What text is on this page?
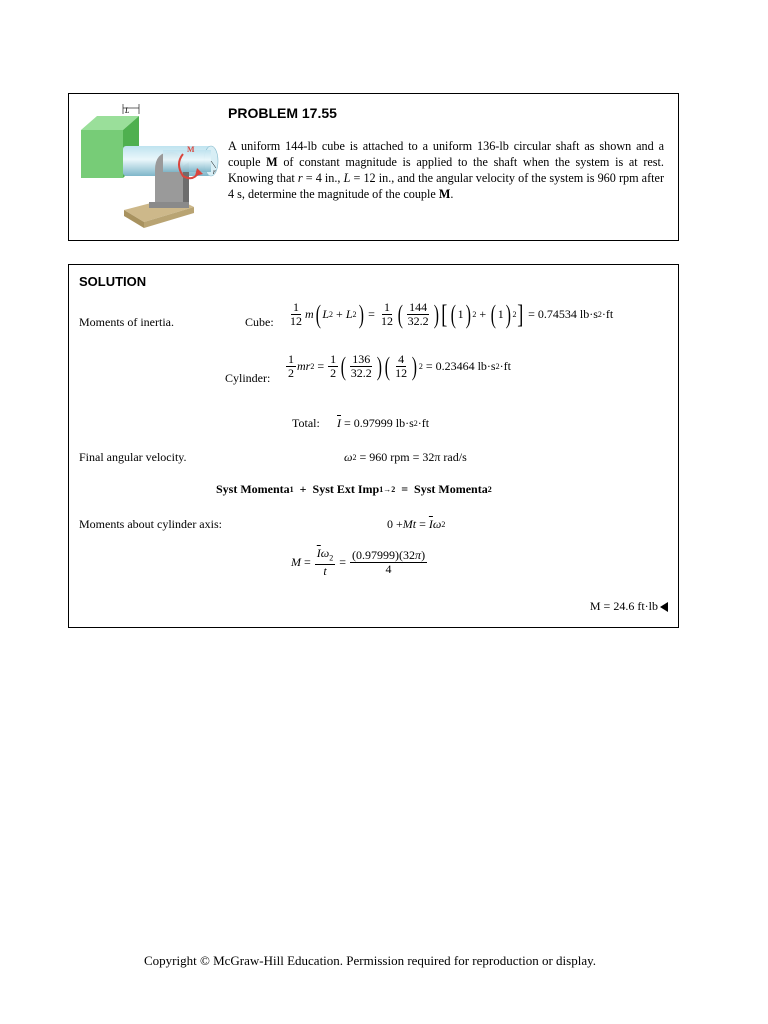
L
M
r
PROBLEM 17.55
A uniform 144-lb cube is attached to a uniform 136-lb circular shaft as shown and a couple M of constant magnitude is applied to the shaft when the system is at rest. Knowing that r = 4 in., L = 12 in., and the angular velocity of the system is 960 rpm after 4 s, determine the magnitude of the couple M.
SOLUTION
Moments of inertia.	Cube: $\frac{1}{12}$ m ( L 2 + L 2 ) = $\frac{1}{12}$ ( $\frac{144}{32.2}$ ) [ ( 1 ) 2 + ( 1 ) 2 ]
= 0.74534 lb·s 2 ·ft
Cylinder: $\frac{1}{2}$ mr $2 = \frac{1}{2}$ ( $\frac{136}{32.2}$ ) ( $\frac{4}{12}$ ) 2
= 0.23464 lb·s 2 ·ft
Total: $\overline{I}$
= 0.97999 lb·s 2 ·ft
Final angular velocity.	ω 2
= 960 rpm = 32π rad/s
Syst Momenta 1 + Syst Ext Imp 1→2 = Syst Momenta 2
Moments about cylinder axis:	$0 + Mt = \overline{I}$ ω 2
$M = \frac{\overline{I}\omega_2}{t} = \frac{(0.97999)(32\pi)}{4}$
M = 24.6 ft·lb
Copyright © McGraw-Hill Education. Permission required for reproduction or display.
